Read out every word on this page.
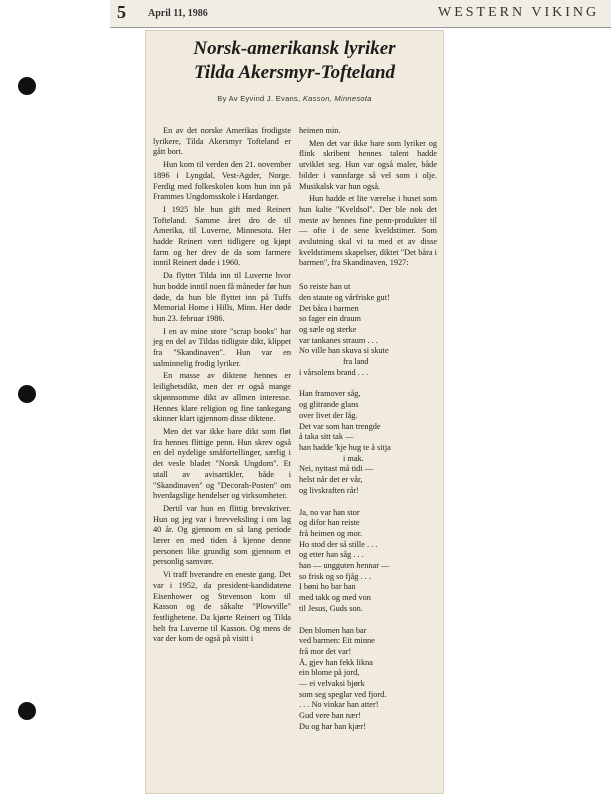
5 April 11, 1986	WESTERN VIKING
Norsk-amerikansk lyriker
Tilda Akersmyr-Tofteland
By Av Eyvind J. Evans, Kasson, Minnesota

En av det norske Amerikas frodigste lyrikere, Tilda Akersmyr Tofteland er gått bort.

Hun kom til verden den 21. november 1896 i Lyngdal, Vest-Agder, Norge. Ferdig med folkeskolen kom hun inn på Frammes Ungdomsskole i Hardanger.

I 1925 ble hun gift med Reinert Tofteland. Samme året dro de til Amerika, til Luverne, Minnesota. Her hadde Reinert vært tidligere og kjøpt farm og her drev de da som farmere inntil Reinert døde i 1960.

Da flyttet Tilda inn til Luverne hvor hun bodde inntil noen få måneder før hun døde, da hun ble flyttet inn på Tuffs Memorial Home i Hills, Minn. Her døde hun 23. februar 1986.

I en av mine store "scrap books" har jeg en del av Tildas tidligste dikt, klippet fra "Skandinaven". Hun var en ualminnelig frodig lyriker.

En masse av diktene hennes er leilighetsdikt, men der er også mange skjønnsomme dikt av allmen interesse. Hennes klare religion og fine tankegang skinner klart igjennom disse diktene.

Men det var ikke bare dikt som fløt fra hennes flittige penn. Hun skrev også en del nydelige småfortellinger, særlig i det vesle bladet "Norsk Ungdom". Et utall av avisartikler, både i "Skandinaven" og "Decorah-Posten" om hverdagslige hendelser og virksomheter.

Dertil var hun en flittig brevskriver. Hun og jeg var i brevveksling i om lag 40 år. Og gjennom en så lang periode lærer en med tiden å kjenne denne personen like grundig som gjennom et personlig samvær.

Vi traff hverandre en eneste gang. Det var i 1952, da president-kandidatene Eisenhower og Stevenson kom til Kasson og de såkalte "Plowville" festlighetene. Da kjørte Reinert og Tilda helt fra Luverne til Kasson. Og mens de var der kom de også på visitt i

heimen min.

Men det var ikke bare som lyriker og flink skribent hennes talent hadde utviklet seg. Hun var også maler, både bilder i vannfarge så vel som i olje. Musikalsk var hun også.

Hun hadde et lite værelse i huset som hun kalte "Kveldsol". Der ble nok det meste av hennes fine penn-produkter til — ofte i de sene kveldstimer. Som avslutning skal vi ta med et av disse kveldstimens skapelser, diktet "Det båra i barmen", fra Skandinaven, 1927:

So reiste han ut
den staute og vårfriske gut!
Det båra i barmen
so fager ein draum
og sæle og sterke
var tankanes straum . . .
No ville han skuva si skute
fra land
i vårsolens brand . . .
Han framover såg,
og glitrande glans
over livet der låg.
Det var som han trengde
å taka sitt tak —
han hadde 'kje hug te å sitja
i mak.
Nei, nyttast må tidi —
helst når det er vår,
og livskraften rår!
Ja, no var han stor
og difor han reiste
frå heimen og mor.
Ho stod der så stille . . .
og etter han såg . . .
han — ungguten hennar —
so frisk og so fjåg . . .
I bøni ho bar han
med takk og med von
til Jesus, Guds son.
Den blomen han bar
ved barmen: Eit minne
frå mor det var!
Å, gjev han fekk likna
ein blome på jord,
— ei velvaksi bjørk
som seg speglar ved fjord.
. . . No vinkar han atter!
Gud vere han nær!
Du og har han kjær!
